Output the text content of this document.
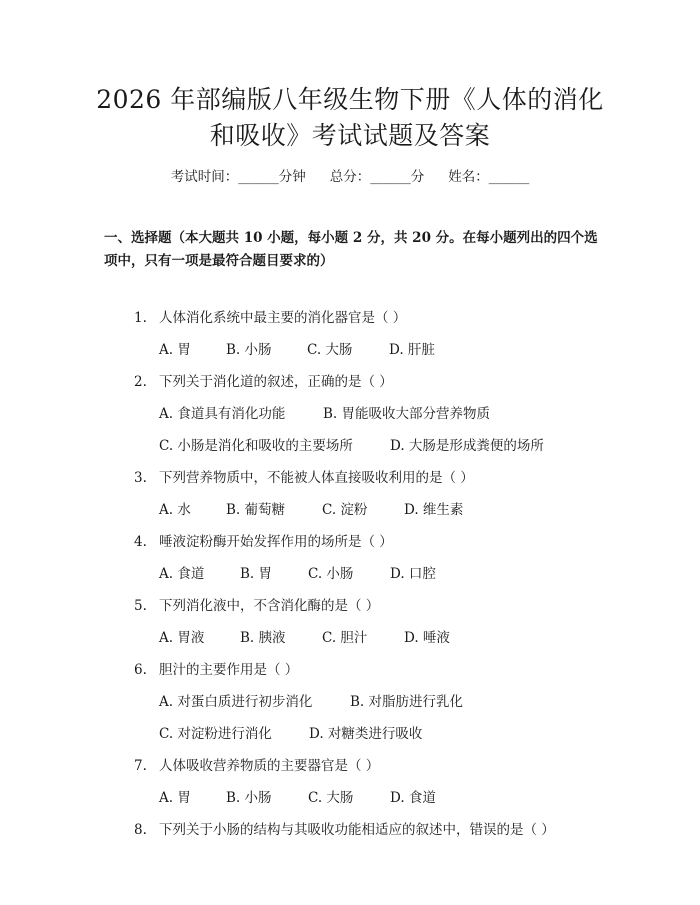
2026 年部编版八年级生物下册《人体的消化
和吸收》考试试题及答案
考试时间：______分钟 总分：______分 姓名：______
一、选择题（本大题共 10 小题，每小题 2 分，共 20 分。在每小题列出的四个选
项中，只有一项是最符合题目要求的）
1. 人体消化系统中最主要的消化器官是（ ）
A. 胃	B. 小肠	C. 大肠	D. 肝脏
2. 下列关于消化道的叙述，正确的是（ ）
A. 食道具有消化功能	B. 胃能吸收大部分营养物质
C. 小肠是消化和吸收的主要场所	D. 大肠是形成粪便的场所
3. 下列营养物质中，不能被人体直接吸收利用的是（ ）
A. 水	B. 葡萄糖	C. 淀粉	D. 维生素
4. 唾液淀粉酶开始发挥作用的场所是（ ）
A. 食道	B. 胃	C. 小肠	D. 口腔
5. 下列消化液中，不含消化酶的是（ ）
A. 胃液	B. 胰液	C. 胆汁	D. 唾液
6. 胆汁的主要作用是（ ）
A. 对蛋白质进行初步消化	B. 对脂肪进行乳化
C. 对淀粉进行消化	D. 对糖类进行吸收
7. 人体吸收营养物质的主要器官是（ ）
A. 胃	B. 小肠	C. 大肠	D. 食道
8. 下列关于小肠的结构与其吸收功能相适应的叙述中，错误的是（ ）
